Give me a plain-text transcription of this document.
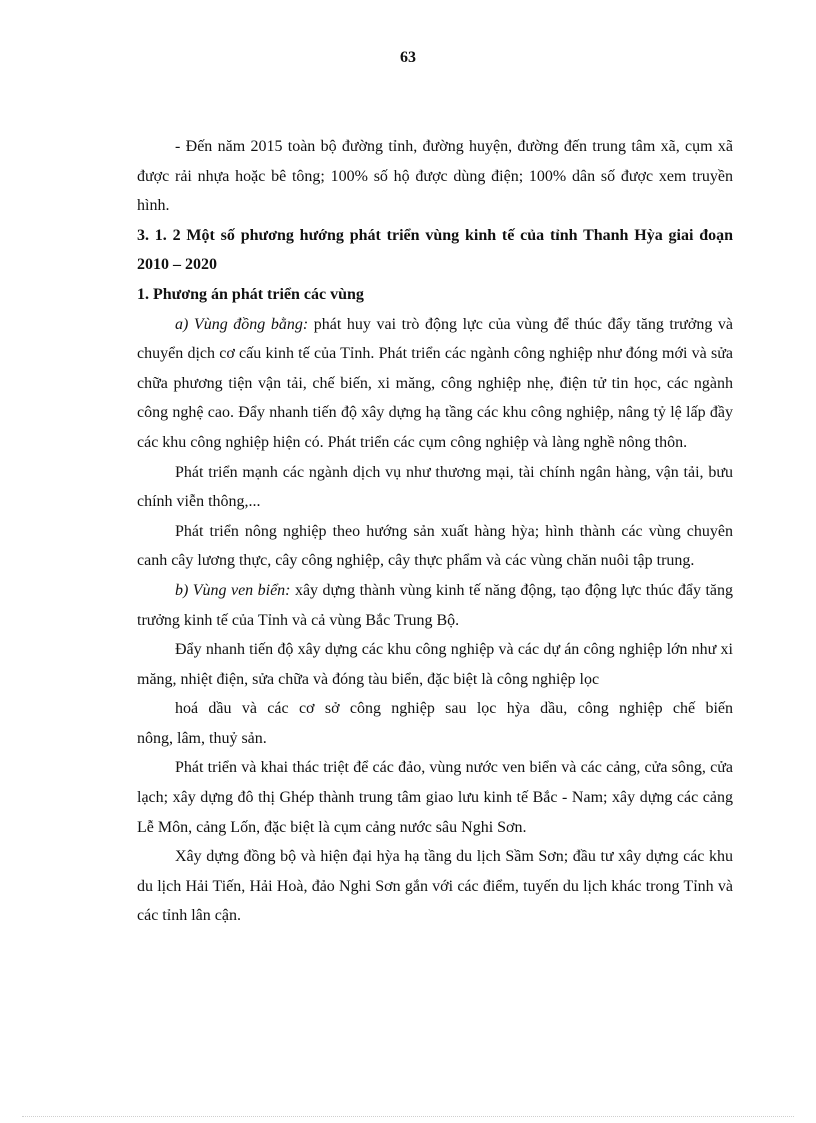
63

- Đến năm 2015 toàn bộ đường tỉnh, đường huyện, đường đến trung tâm xã, cụm xã được rải nhựa hoặc bê tông; 100% số hộ được dùng điện; 100% dân số được xem truyền hình.

3. 1. 2 Một số phương hướng phát triển vùng kinh tế của tỉnh Thanh Hỳa giai đoạn 2010 – 2020

1. Phương án phát triển các vùng

a) Vùng đồng bằng: phát huy vai trò động lực của vùng để thúc đẩy tăng trưởng và chuyển dịch cơ cấu kinh tế của Tỉnh. Phát triển các ngành công nghiệp như đóng mới và sửa chữa phương tiện vận tải, chế biến, xi măng, công nghiệp nhẹ, điện tử tin học, các ngành công nghệ cao. Đẩy nhanh tiến độ xây dựng hạ tầng các khu công nghiệp, nâng tỷ lệ lấp đầy các khu công nghiệp hiện có. Phát triển các cụm công nghiệp và làng nghề nông thôn.

Phát triển mạnh các ngành dịch vụ như thương mại, tài chính ngân hàng, vận tải, bưu chính viễn thông,...

Phát triển nông nghiệp theo hướng sản xuất hàng hỳa; hình thành các vùng chuyên canh cây lương thực, cây công nghiệp, cây thực phẩm và các vùng chăn nuôi tập trung.

b) Vùng ven biển: xây dựng thành vùng kinh tế năng động, tạo động lực thúc đẩy tăng trưởng kinh tế của Tỉnh và cả vùng Bắc Trung Bộ.

Đẩy nhanh tiến độ xây dựng các khu công nghiệp và các dự án công nghiệp lớn như xi măng, nhiệt điện, sửa chữa và đóng tàu biển, đặc biệt là công nghiệp lọc

hoá dầu và các cơ sở công nghiệp sau lọc hỳa dầu, công nghiệp chế biến

nông, lâm, thuỷ sản.

Phát triển và khai thác triệt để các đảo, vùng nước ven biển và các cảng, cửa sông, cửa lạch; xây dựng đô thị Ghép thành trung tâm giao lưu kinh tế Bắc - Nam; xây dựng các cảng Lễ Môn, cảng Lốn, đặc biệt là cụm cảng nước sâu Nghi Sơn.

Xây dựng đồng bộ và hiện đại hỳa hạ tầng du lịch Sầm Sơn; đầu tư xây dựng các khu du lịch Hải Tiến, Hải Hoà, đảo Nghi Sơn gắn với các điểm, tuyến du lịch khác trong Tỉnh và các tỉnh lân cận.
